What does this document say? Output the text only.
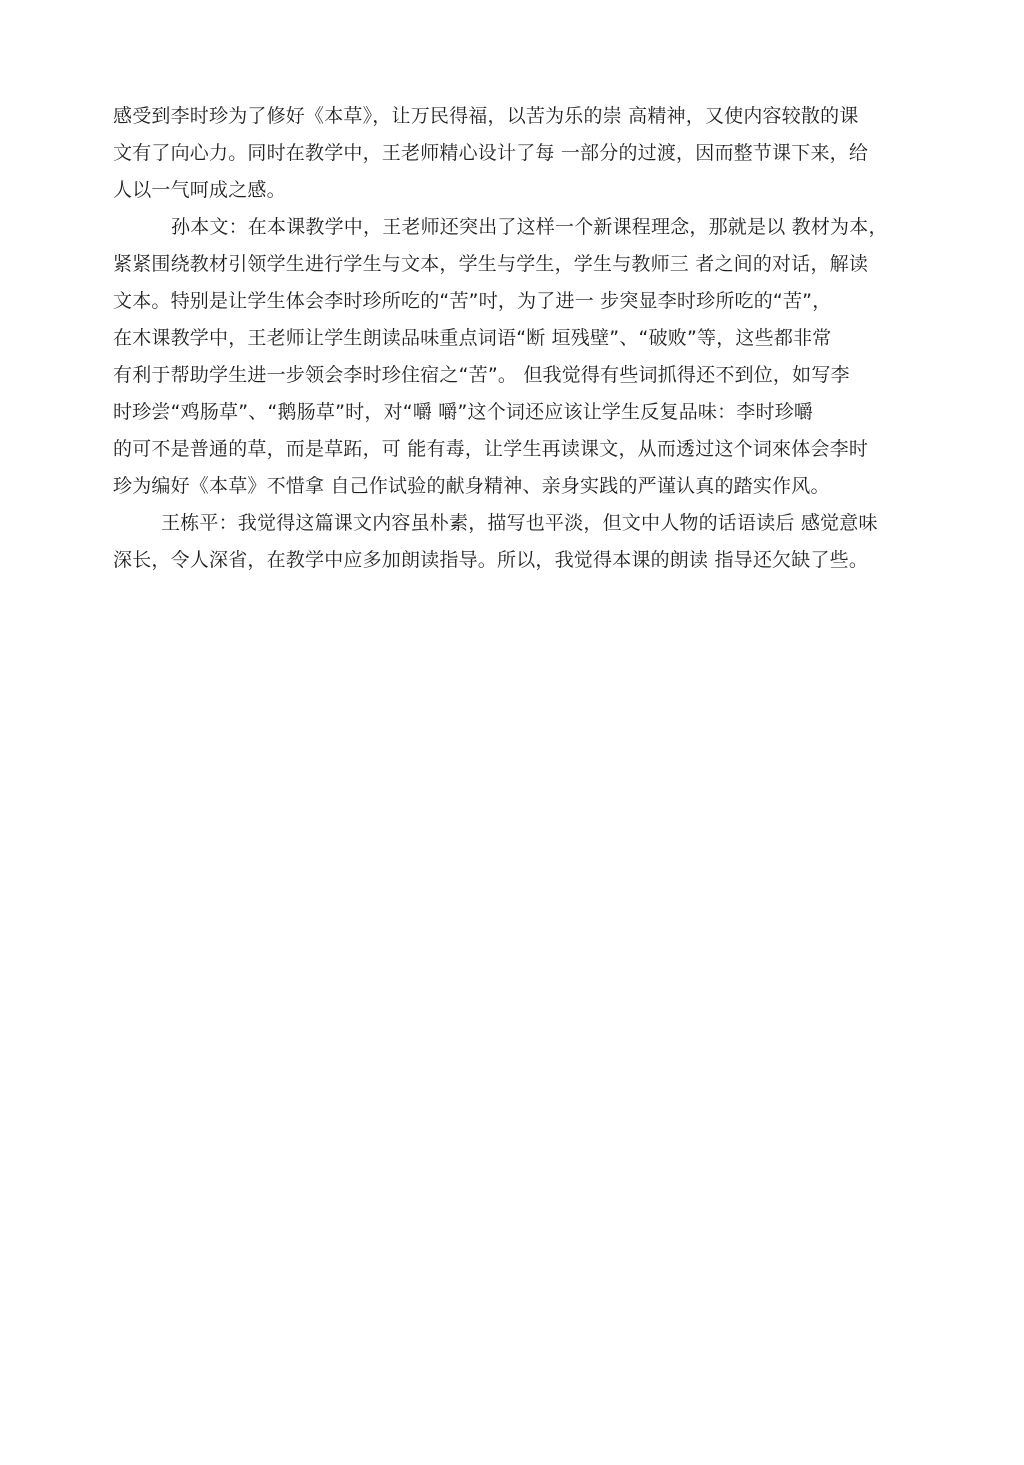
感受到李时珍为了修好《本草》，让万民得福，以苦为乐的崇 高精神，又使内容较散的课
文有了向心力。同时在教学中，王老师精心设计了每 一部分的过渡，因而整节课下来，给
人以一气呵成之感。
孙本文：在本课教学中，王老师还突出了这样一个新课程理念，那就是以 教材为本，
紧紧围绕教材引领学生进行学生与文本，学生与学生，学生与教师三 者之间的对话，解读
文本。特别是让学生体会李时珍所吃的“苦”吋，为了进一 步突显李时珍所吃的“苦”，
在木课教学中，王老师让学生朗读品味重点词语“断 垣残壁”、“破败”等，这些都非常
有利于帮助学生进一步领会李时珍住宿之“苦”。 但我觉得有些词抓得还不到位，如写李
时珍尝“鸡肠草”、“鹅肠草”时，对“嚼 嚼”这个词还应该让学生反复品味：李时珍嚼
的可不是普通的草，而是草跖，可 能有毒，让学生再读课文，从而透过这个词來体会李时
珍为编好《本草》不惜拿 自己作试验的献身精神、亲身实践的严谨认真的踏实作风。
王栋平：我觉得这篇课文内容虽朴素，描写也平淡，但文中人物的话语读后 感觉意味
深长，令人深省，在教学中应多加朗读指导。所以，我觉得本课的朗读 指导还欠缺了些。
